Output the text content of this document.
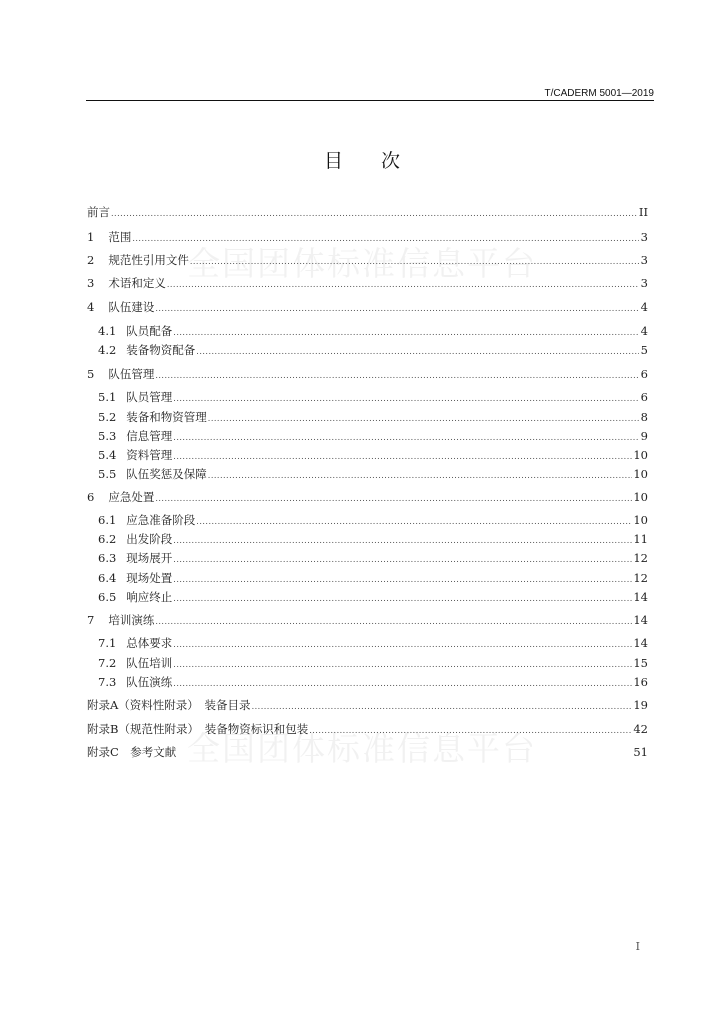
T/CADERM 5001—2019
目次
全国团体标准信息平台
全国团体标准信息平台
前言 .....	II
1 范围 .....	3
2 规范性引用文件 .....	3
3 术语和定义 .....	3
4 队伍建设 .....	4
4.1 队员配备 .....	4
4.2 装备物资配备 .....	5
5 队伍管理 .....	6
5.1 队员管理 .....	6
5.2 装备和物资管理 .....	8
5.3 信息管理 .....	9
5.4 资料管理 .....	10
5.5 队伍奖惩及保障 .....	10
6 应急处置 .....	10
6.1 应急准备阶段 .....	10
6.2 出发阶段 .....	11
6.3 现场展开 .....	12
6.4 现场处置 .....	12
6.5 响应终止 .....	14
7 培训演练 .....	14
7.1 总体要求 .....	14
7.2 队伍培训 .....	15
7.3 队伍演练 .....	16
附录A（资料性附录）　装备目录 .....	19
附录B（规范性附录）　装备物资标识和包装 .....	42
附录C　参考文献	51
I
